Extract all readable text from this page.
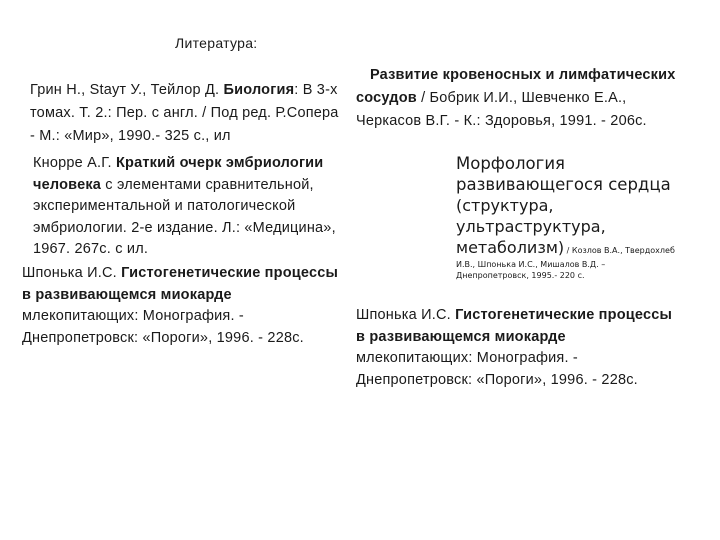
Литература:

Грин Н., Staут У., Тейлор Д. Биология: В 3-х
томах. Т. 2.: Пер. с англ. / Под ред. Р.Сопера
- М.: «Мир», 1990.- 325 с., ил
Развитие кровеносных и лимфатических
сосудов / Бобрик И.И., Шевченко Е.А.,
Черкасов В.Г. - К.: Здоровья, 1991. - 206с.
Кнорре А.Г. Краткий очерк эмбриологии
человека с элементами сравнительной,
экспериментальной и патологической
эмбриологии. 2-е издание. Л.: «Медицина»,
1967. 267с. с ил.
Морфология
развивающегося сердца
(структура,
ультраструктура,
метаболизм) / Козлов В.А., Твердохлеб
И.В., Шпонька И.С., Мишалов В.Д. –
Днепропетровск, 1995.- 220 с.
Шпонька И.С. Гистогенетические процессы
в развивающемся миокарде
млекопитающих: Монография. -
Днепропетровск: «Пороги», 1996. - 228с.
Шпонька И.С. Гистогенетические процессы
в развивающемся миокарде
млекопитающих: Монография. -
Днепропетровск: «Пороги», 1996. - 228с.
